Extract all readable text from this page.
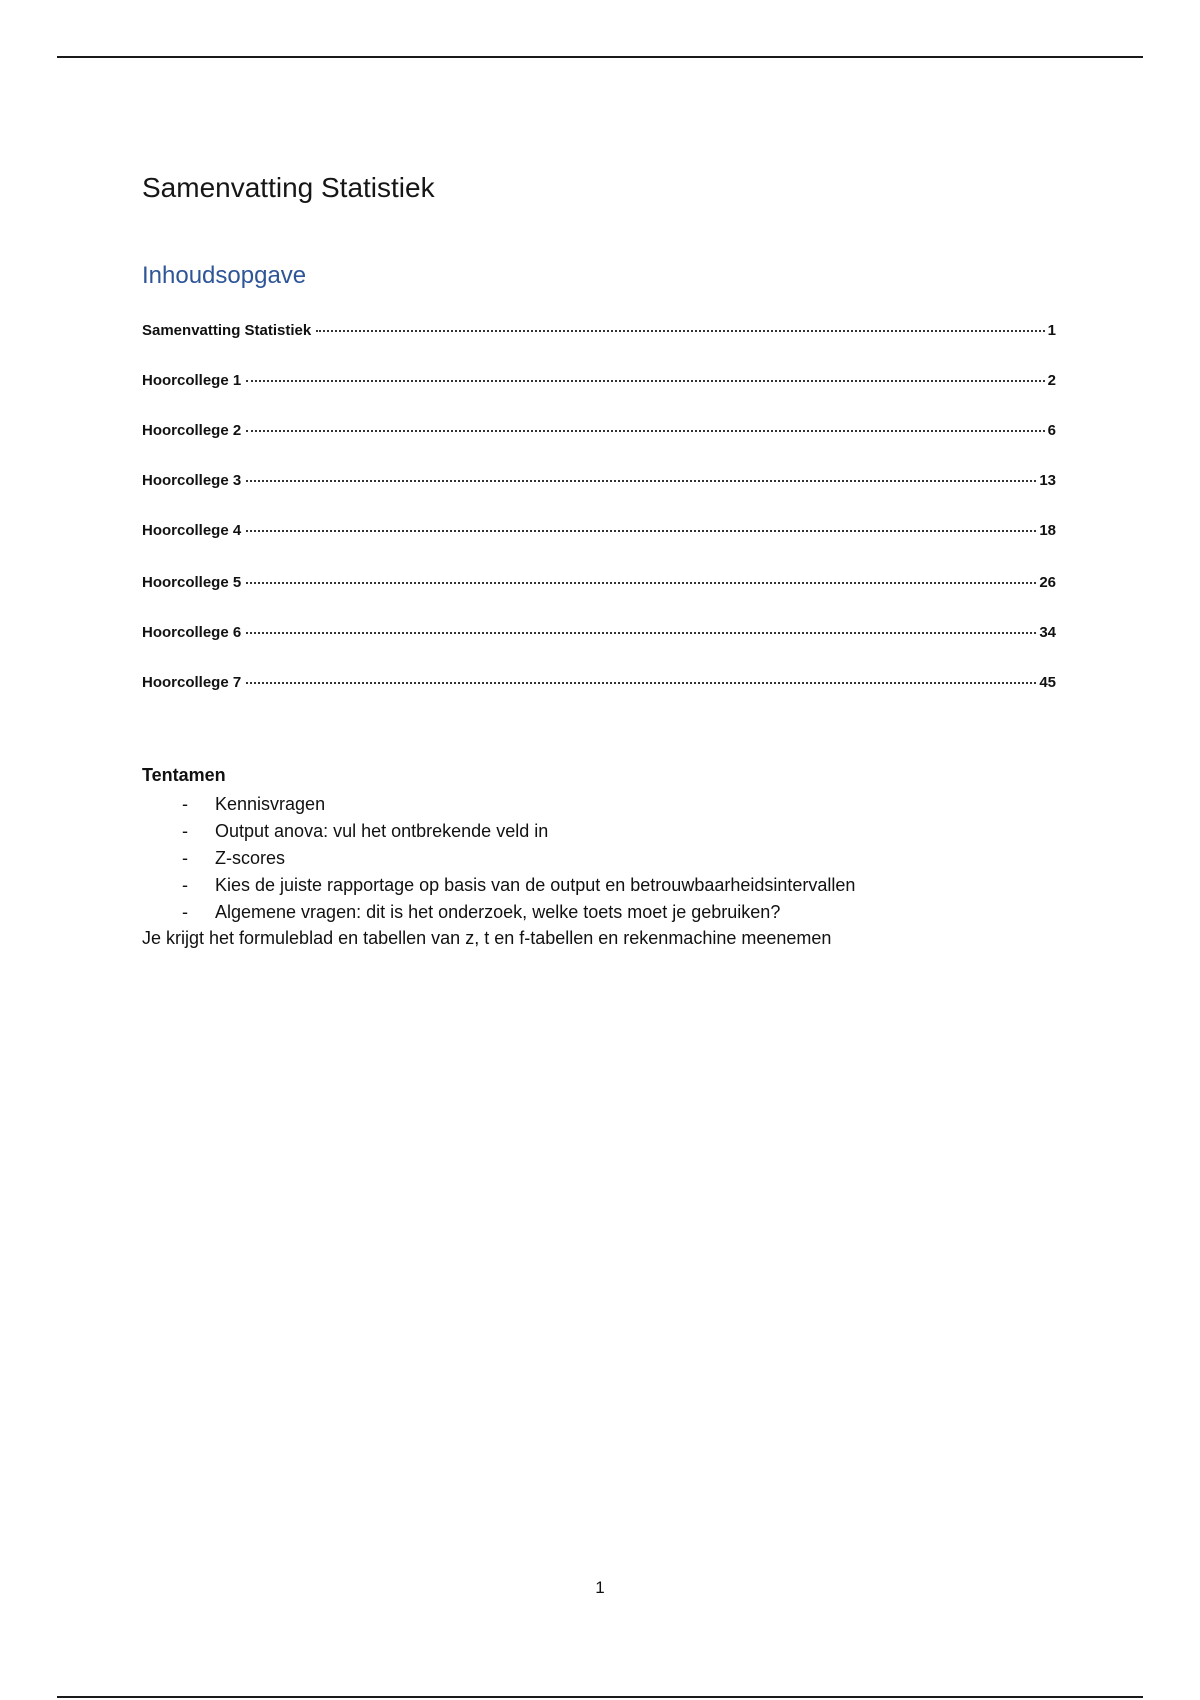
Samenvatting Statistiek
Inhoudsopgave
Samenvatting Statistiek	1
Hoorcollege 1	2
Hoorcollege 2	6
Hoorcollege 3	13
Hoorcollege 4	18
Hoorcollege 5	26
Hoorcollege 6	34
Hoorcollege 7	45
Tentamen
- Kennisvragen
- Output anova: vul het ontbrekende veld in
- Z-scores
- Kies de juiste rapportage op basis van de output en betrouwbaarheidsintervallen
- Algemene vragen: dit is het onderzoek, welke toets moet je gebruiken?

Je krijgt het formuleblad en tabellen van z, t en f-tabellen en rekenmachine meenemen

1
